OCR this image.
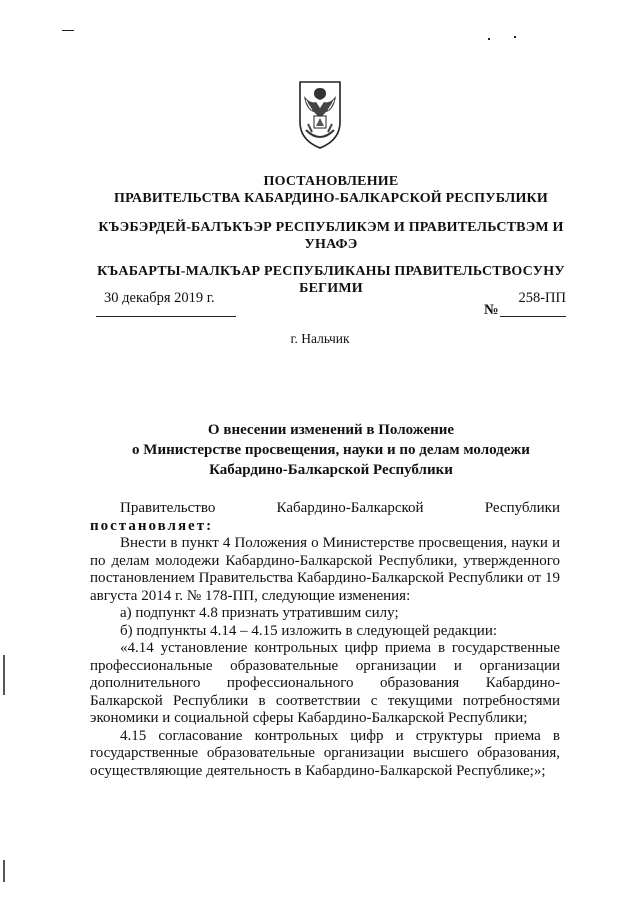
ПОСТАНОВЛЕНИЕ
ПРАВИТЕЛЬСТВА КАБАРДИНО-БАЛКАРСКОЙ РЕСПУБЛИКИ
КЪЭБЭРДЕЙ-БАЛЪКЪЭР РЕСПУБЛИКЭМ И ПРАВИТЕЛЬСТВЭМ И УНАФЭ
КЪАБАРТЫ-МАЛКЪАР РЕСПУБЛИКАНЫ ПРАВИТЕЛЬСТВОСУНУ БЕГИМИ
30 декабря 2019 г.
№
258-ПП
г. Нальчик
О внесении изменений в Положение
о Министерстве просвещения, науки и по делам молодежи
Кабардино-Балкарской Республики
Правительство	Кабардино-Балкарской	Республики
постановляет:

Внести в пункт 4 Положения о Министерстве просвещения, науки и по делам молодежи Кабардино-Балкарской Республики, утвержденного постановлением Правительства Кабардино-Балкарской Республики от 19 августа 2014 г. № 178-ПП, следующие изменения:

а) подпункт 4.8 признать утратившим силу;

б) подпункты 4.14 – 4.15 изложить в следующей редакции:

«4.14 установление контрольных цифр приема в государственные профессиональные образовательные организации и организации дополнительного профессионального образования Кабардино-Балкарской Республики в соответствии с текущими потребностями экономики и социальной сферы Кабардино-Балкарской Республики;

4.15 согласование контрольных цифр и структуры приема в государственные образовательные организации высшего образования, осуществляющие деятельность в Кабардино-Балкарской Республике;»;
